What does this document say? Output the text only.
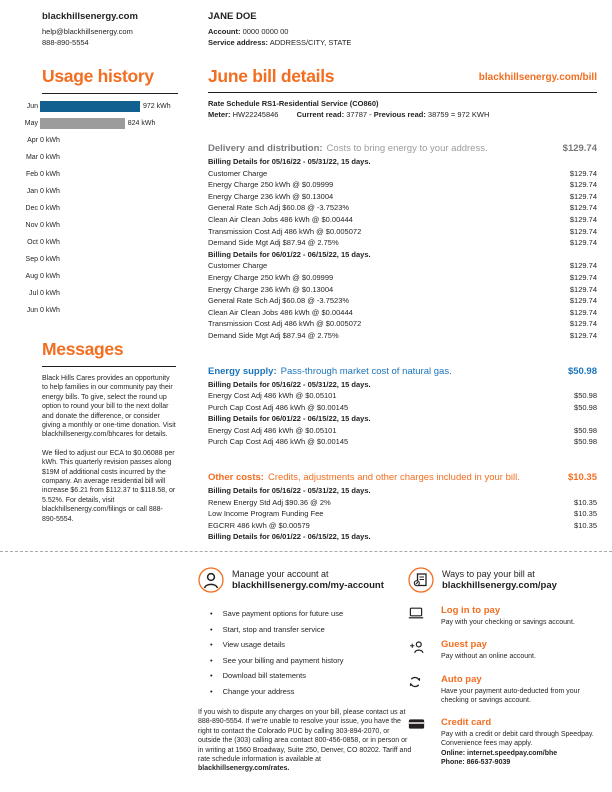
blackhillsenergy.com
help@blackhillsenergy.com
888-890-5554
JANE DOE
Account: 0000 0000 00
Service address: ADDRESS/CITY, STATE
Usage history
Jun	972 kWh
May	824 kWh
Apr 0 kWh
Mar 0 kWh
Feb 0 kWh
Jan 0 kWh
Dec 0 kWh
Nov 0 kWh
Oct 0 kWh
Sep 0 kWh
Aug 0 kWh
Jul 0 kWh
Jun 0 kWh
Messages

Black Hills Cares provides an opportunity to help families in our community pay their energy bills. To give, select the round up option to round your bill to the next dollar and donate the difference, or consider giving a monthly or one-time donation. Visit blackhillsenergy.com/bhcares for details.

We filed to adjust our ECA to $0.06088 per kWh. This quarterly revision passes along $19M of additional costs incurred by the company. An average residential bill will increase $6.21 from $112.37 to $118.58, or 5.52%. For details, visit blackhillsenergy.com/filings or call 888-890-5554.

June bill details	blackhillsenergy.com/bill
Rate Schedule RS1-Residential Service (CO860)
Meter: HW22245846 Current read: 37787 - Previous read: 38759 = 972 KWH
Delivery and distribution: Costs to bring energy to your address.	$129.74
Billing Details for 05/16/22 - 05/31/22, 15 days.
Customer Charge	$129.74
Energy Charge 250 kWh @ $0.09999	$129.74
Energy Charge 236 kWh @ $0.13004	$129.74
General Rate Sch Adj $60.08 @ -3.7523%	$129.74
Clean Air Clean Jobs 486 kWh @ $0.00444	$129.74
Transmission Cost Adj 486 kWh @ $0.005072	$129.74
Demand Side Mgt Adj $87.94 @ 2.75%	$129.74
Billing Details for 06/01/22 - 06/15/22, 15 days.
Customer Charge	$129.74
Energy Charge 250 kWh @ $0.09999	$129.74
Energy Charge 236 kWh @ $0.13004	$129.74
General Rate Sch Adj $60.08 @ -3.7523%	$129.74
Clean Air Clean Jobs 486 kWh @ $0.00444	$129.74
Transmission Cost Adj 486 kWh @ $0.005072	$129.74
Demand Side Mgt Adj $87.94 @ 2.75%	$129.74
Energy supply: Pass-through market cost of natural gas.	$50.98
Billing Details for 05/16/22 - 05/31/22, 15 days.
Energy Cost Adj 486 kWh @ $0.05101	$50.98
Purch Cap Cost Adj 486 kWh @ $0.00145	$50.98
Billing Details for 06/01/22 - 06/15/22, 15 days.
Energy Cost Adj 486 kWh @ $0.05101	$50.98
Purch Cap Cost Adj 486 kWh @ $0.00145	$50.98
Other costs: Credits, adjustments and other charges included in your bill.	$10.35
Billing Details for 05/16/22 - 05/31/22, 15 days.
Renew Energy Std Adj $90.36 @ 2%	$10.35
Low Income Program Funding Fee	$10.35
EGCRR 486 kWh @ $0.00579	$10.35
Billing Details for 06/01/22 - 06/15/22, 15 days.
Manage your account at
blackhillsenergy.com/my-account
• Save payment options for future use
• Start, stop and transfer service
• View usage details
• See your billing and payment history
• Download bill statements
• Change your address

If you wish to dispute any charges on your bill, please contact us at 888-890-5554. If we're unable to resolve your issue, you have the right to contact the Colorado PUC by calling 303-894-2070, or outside the (303) calling area contact 800-456-0858, or in person or in writing at 1560 Broadway, Suite 250, Denver, CO 80202. Tariff and rate schedule information is available at blackhillsenergy.com/rates.

Ways to pay your bill at
blackhillsenergy.com/pay
Log in to pay
Pay with your checking or savings account.
Guest pay
Pay without an online account.
Auto pay
Have your payment auto-deducted from your checking or savings account.
Credit card
Pay with a credit or debit card through Speedpay. Convenience fees may apply.
Online: internet.speedpay.com/bhe
Phone: 866-537-9039
